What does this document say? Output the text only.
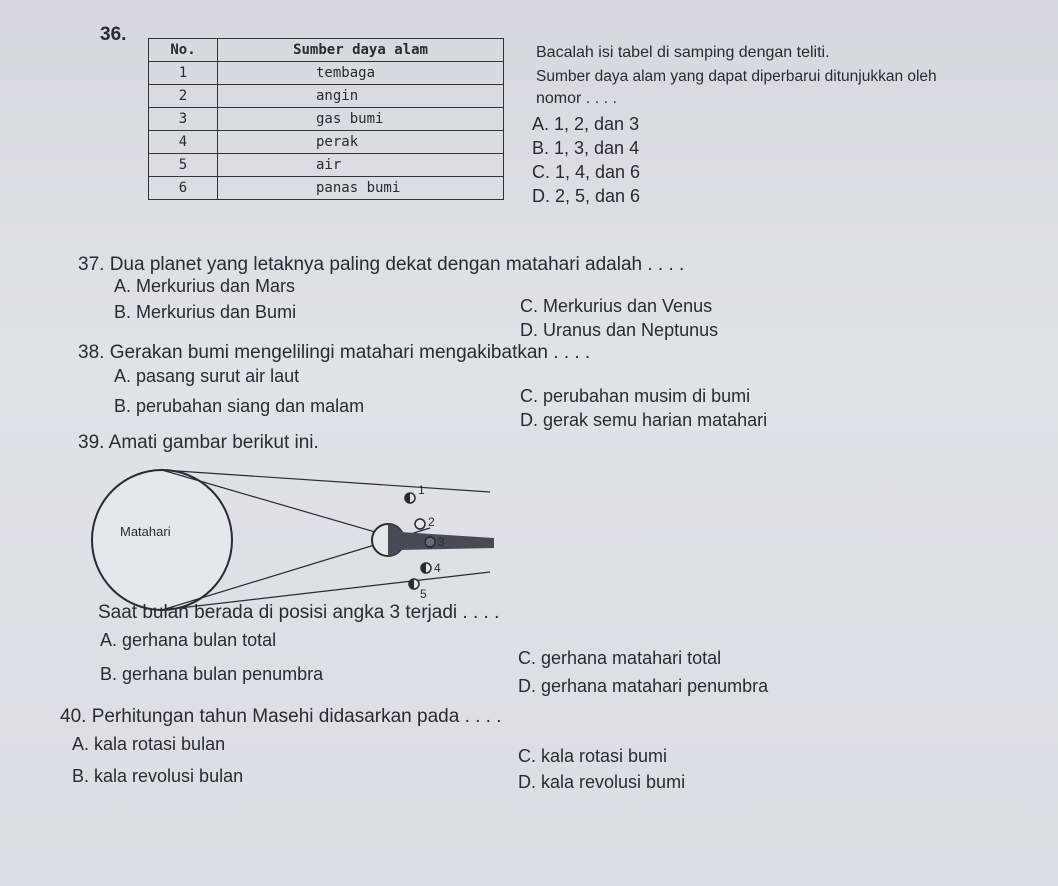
36.
No.	Sumber daya alam
1	tembaga
2	angin
3	gas bumi
4	perak
5	air
6	panas bumi
Bacalah isi tabel di samping dengan teliti.
Sumber daya alam yang dapat diperbarui ditunjukkan oleh
nomor . . . .
A. 1, 2, dan 3
B. 1, 3, dan 4
C. 1, 4, dan 6
D. 2, 5, dan 6
37. Dua planet yang letaknya paling dekat dengan matahari adalah . . . .
A. Merkurius dan Mars
B. Merkurius dan Bumi	C. Merkurius dan Venus
D. Uranus dan Neptunus
38. Gerakan bumi mengelilingi matahari mengakibatkan . . . .
A. pasang surut air laut
B. perubahan siang dan malam	C. perubahan musim di bumi
D. gerak semu harian matahari
39. Amati gambar berikut ini.
Matahari
1
2
3
4
5
Saat bulan berada di posisi angka 3 terjadi . . . .
A. gerhana bulan total
B. gerhana bulan penumbra
C. gerhana matahari total
D. gerhana matahari penumbra
40. Perhitungan tahun Masehi didasarkan pada . . . .
A. kala rotasi bulan
B. kala revolusi bulan
C. kala rotasi bumi
D. kala revolusi bumi
